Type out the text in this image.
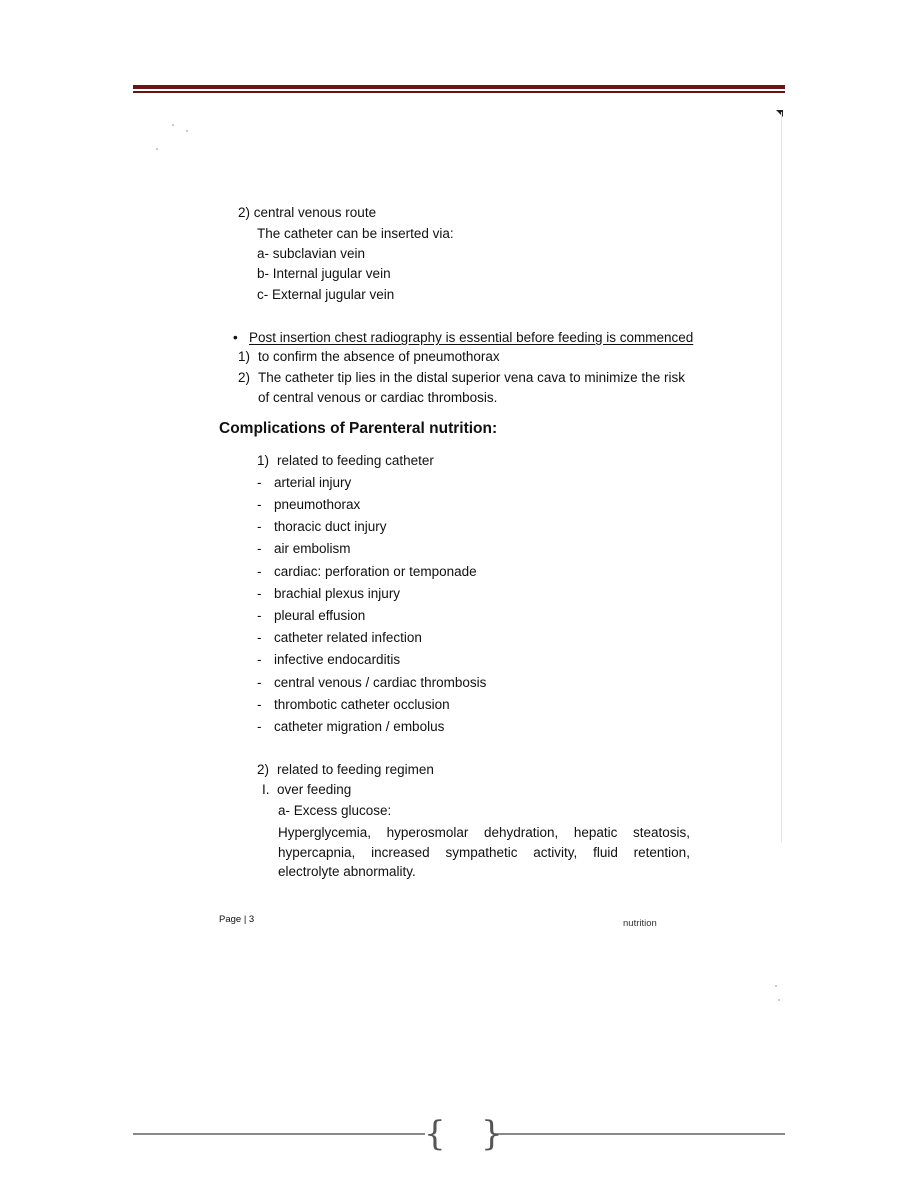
2) central venous route
The catheter can be inserted via:
a- subclavian vein
b- Internal jugular vein
c- External jugular vein
• Post insertion chest radiography is essential before feeding is commenced
1) to confirm the absence of pneumothorax
2) The catheter tip lies in the distal superior vena cava to minimize the risk
of central venous or cardiac thrombosis.
Complications of Parenteral nutrition:
1) related to feeding catheter
- arterial injury
- pneumothorax
- thoracic duct injury
- air embolism
- cardiac: perforation or temponade
- brachial plexus injury
- pleural effusion
- catheter related infection
- infective endocarditis
- central venous / cardiac thrombosis
- thrombotic catheter occlusion
- catheter migration / embolus
2) related to feeding regimen
I. over feeding
a- Excess glucose:
Hyperglycemia, hyperosmolar dehydration, hepatic steatosis,
hypercapnia, increased sympathetic activity, fluid retention,
electrolyte abnormality.
Page | 3	nutrition
{ }
